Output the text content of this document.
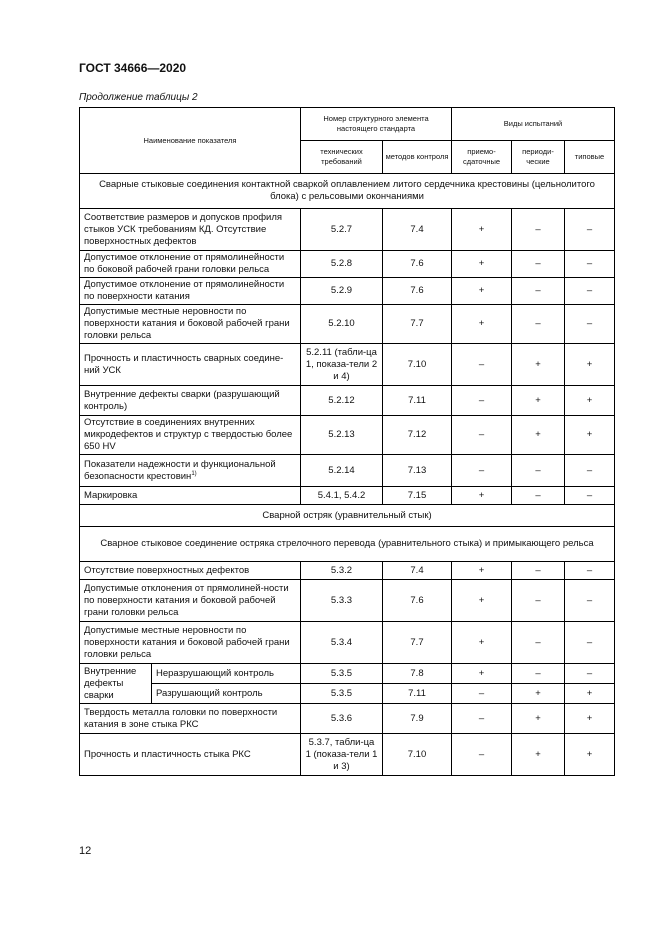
ГОСТ 34666—2020
Продолжение таблицы 2
Наименование показателя		Номер структурного элемента настоящего стандарта		Виды испытаний		
		технических требований	методов контроля	приемо-сдаточные	периоди-ческие	типовые
Сварные стыковые соединения контактной сваркой оплавлением литого сердечника крестовины (цельнолитого блока) с рельсовыми окончаниями						
Соответствие размеров и допусков профиля стыков УСК требованиям КД. Отсутствие поверхностных дефектов		5.2.7	7.4	+	–	–
Допустимое отклонение от прямолинейности по боковой рабочей грани головки рельса		5.2.8	7.6	+	–	–
Допустимое отклонение от прямолинейности по поверхности катания		5.2.9	7.6	+	–	–
Допустимые местные неровности по поверхности катания и боковой рабочей грани головки рельса		5.2.10	7.7	+	–	–
Прочность и пластичность сварных соедине-ний УСК		5.2.11 (табли-ца 1, показа-тели 2 и 4)	7.10	–	+	+
Внутренние дефекты сварки (разрушающий контроль)		5.2.12	7.11	–	+	+
Отсутствие в соединениях внутренних микродефектов и структур с твердостью более 650 HV		5.2.13	7.12	–	+	+
Показатели надежности и функциональной безопасности крестовин$^{1)}$		5.2.14	7.13	–	–	–
Маркировка		5.4.1, 5.4.2	7.15	+	–	–
Сварной остряк (уравнительный стык)						
Сварное стыковое соединение остряка стрелочного перевода (уравнительного стыка) и примыкающего рельса						
Отсутствие поверхностных дефектов		5.3.2	7.4	+	–	–
Допустимые отклонения от прямолиней-ности по поверхности катания и боковой рабочей грани головки рельса		5.3.3	7.6	+	–	–
Допустимые местные неровности по поверхности катания и боковой рабочей грани головки рельса		5.3.4	7.7	+	–	–
Внутренние дефекты сварки	Неразрушающий контроль	5.3.5	7.8	+	–	–
	Разрушающий контроль	5.3.5	7.11	–	+	+
Твердость металла головки по поверхности катания в зоне стыка РКС		5.3.6	7.9	–	+	+
Прочность и пластичность стыка РКС		5.3.7, табли-ца 1 (показа-тели 1 и 3)	7.10	–	+	+
12
